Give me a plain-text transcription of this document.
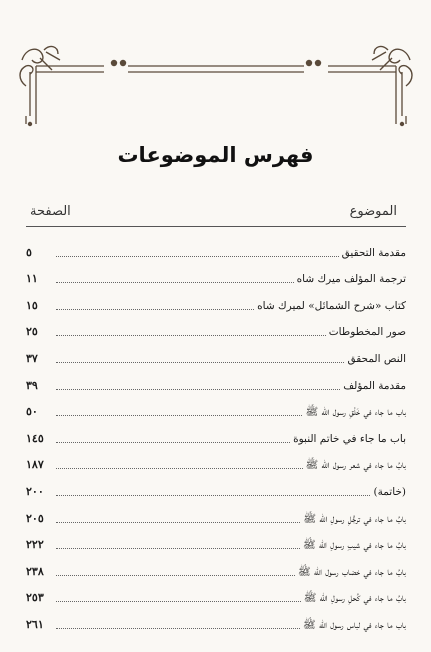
فهرس الموضوعات
الموضوع
الصفحة
مقدمة التحقيق
٥
ترجمة المؤلف ميرك شاه
١١
كتاب «شرح الشمائل» لميرك شاه
١٥
صور المخطوطات
٢٥
النص المحقق
٣٧
مقدمة المؤلف
٣٩
باب ما جاء في خَلْقِ رسول الله ﷺ
٥٠
باب ما جاء في خاتم النبوة
١٤٥
بابُ ما جاء في شعر رسول الله ﷺ
١٨٧
(خاتمة)
٢٠٠
بابُ ما جاء في ترجُّلِ رسولِ الله ﷺ
٢٠٥
بابُ ما جاء في شيبِ رسولِ الله ﷺ
٢٢٢
بابُ ما جاء في خضاب رسول الله ﷺ
٢٣٨
بابُ ما جاء في كُحلِ رسولِ الله ﷺ
٢٥٣
باب ما جاء في لباس رسول الله ﷺ
٢٦١
